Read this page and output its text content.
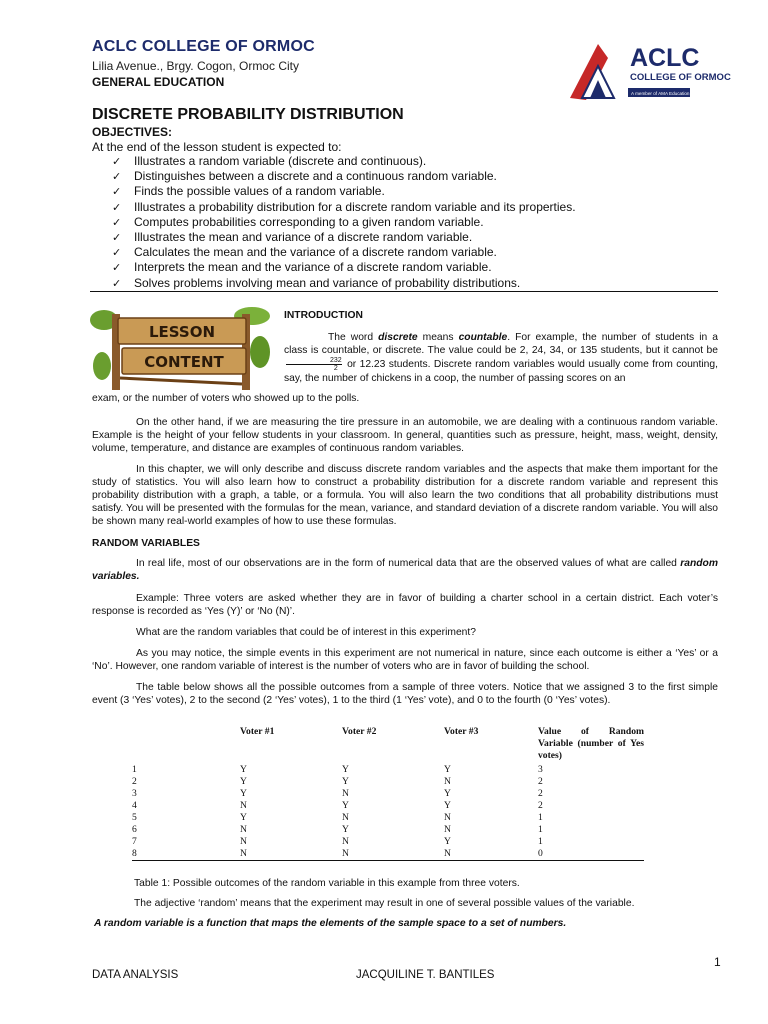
ACLC COLLEGE OF ORMOC
Lilia Avenue., Brgy. Cogon, Ormoc City
GENERAL EDUCATION
ACLC
COLLEGE OF ORMOC
A member of AMA Education System
DISCRETE PROBABILITY DISTRIBUTION
OBJECTIVES:
At the end of the lesson student is expected to:
✓ Illustrates a random variable (discrete and continuous).
✓ Distinguishes between a discrete and a continuous random variable.
✓ Finds the possible values of a random variable.
✓ Illustrates a probability distribution for a discrete random variable and its properties.
✓ Computes probabilities corresponding to a given random variable.
✓ Illustrates the mean and variance of a discrete random variable.
✓ Calculates the mean and the variance of a discrete random variable.
✓ Interprets the mean and the variance of a discrete random variable.
✓ Solves problems involving mean and variance of probability distributions.
LESSON
CONTENT
INTRODUCTION

The word discrete means countable. For example, the number of students in a class is countable, or discrete. The value could be 2, 24, 34, or 135 students, but it cannot be
$\frac{232}{2}$ or 12.23 students. Discrete random variables would usually come from counting, say, the number of chickens in a coop, the number of passing scores on an

exam, or the number of voters who showed up to the polls.

On the other hand, if we are measuring the tire pressure in an automobile, we are dealing with a continuous random variable. Example is the height of your fellow students in your classroom. In general, quantities such as pressure, height, mass, weight, density, volume, temperature, and distance are examples of continuous random variables.

In this chapter, we will only describe and discuss discrete random variables and the aspects that make them important for the study of statistics. You will also learn how to construct a probability distribution for a discrete random variable and represent this probability distribution with a graph, a table, or a formula. You will also learn the two conditions that all probability distributions must satisfy. You will be presented with the formulas for the mean, variance, and standard deviation of a discrete random variable. You will also be shown many real-world examples of how to use these formulas.

RANDOM VARIABLES

In real life, most of our observations are in the form of numerical data that are the observed values of what are called random variables.

Example: Three voters are asked whether they are in favor of building a charter school in a certain district. Each voter’s response is recorded as ‘Yes (Y)’ or ‘No (N)’.

What are the random variables that could be of interest in this experiment?

As you may notice, the simple events in this experiment are not numerical in nature, since each outcome is either a ‘Yes’ or a ‘No’. However, one random variable of interest is the number of voters who are in favor of building the school.

The table below shows all the possible outcomes from a sample of three voters. Notice that we assigned 3 to the first simple event (3 ‘Yes’ votes), 2 to the second (2 ‘Yes’ votes), 1 to the third (1 ‘Yes’ vote), and 0 to the fourth (0 ‘Yes’ votes).

	Voter #1	Voter #2	Voter #3	Value of Random Variable (number of Yes votes)
1	Y	Y	Y	3
2	Y	Y	N	2
3	Y	N	Y	2
4	N	Y	Y	2
5	Y	N	N	1
6	N	Y	N	1
7	N	N	Y	1
8	N	N	N	0

Table 1: Possible outcomes of the random variable in this example from three voters.

The adjective ‘random’ means that the experiment may result in one of several possible values of the variable.

A random variable is a function that maps the elements of the sample space to a set of numbers.

1
DATA ANALYSIS	JACQUILINE T. BANTILES
